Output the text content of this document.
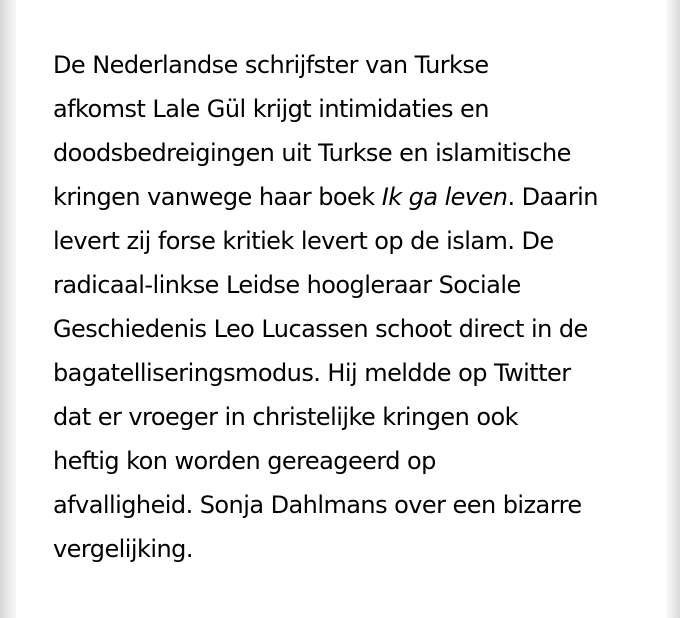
De Nederlandse schrijfster van Turkse
afkomst Lale Gül krijgt intimidaties en
doodsbedreigingen uit Turkse en islamitische
kringen vanwege haar boek Ik ga leven. Daarin
levert zij forse kritiek levert op de islam. De
radicaal-linkse Leidse hoogleraar Sociale
Geschiedenis Leo Lucassen schoot direct in de
bagatelliseringsmodus. Hij meldde op Twitter
dat er vroeger in christelijke kringen ook
heftig kon worden gereageerd op
afvalligheid. Sonja Dahlmans over een bizarre
vergelijking.
